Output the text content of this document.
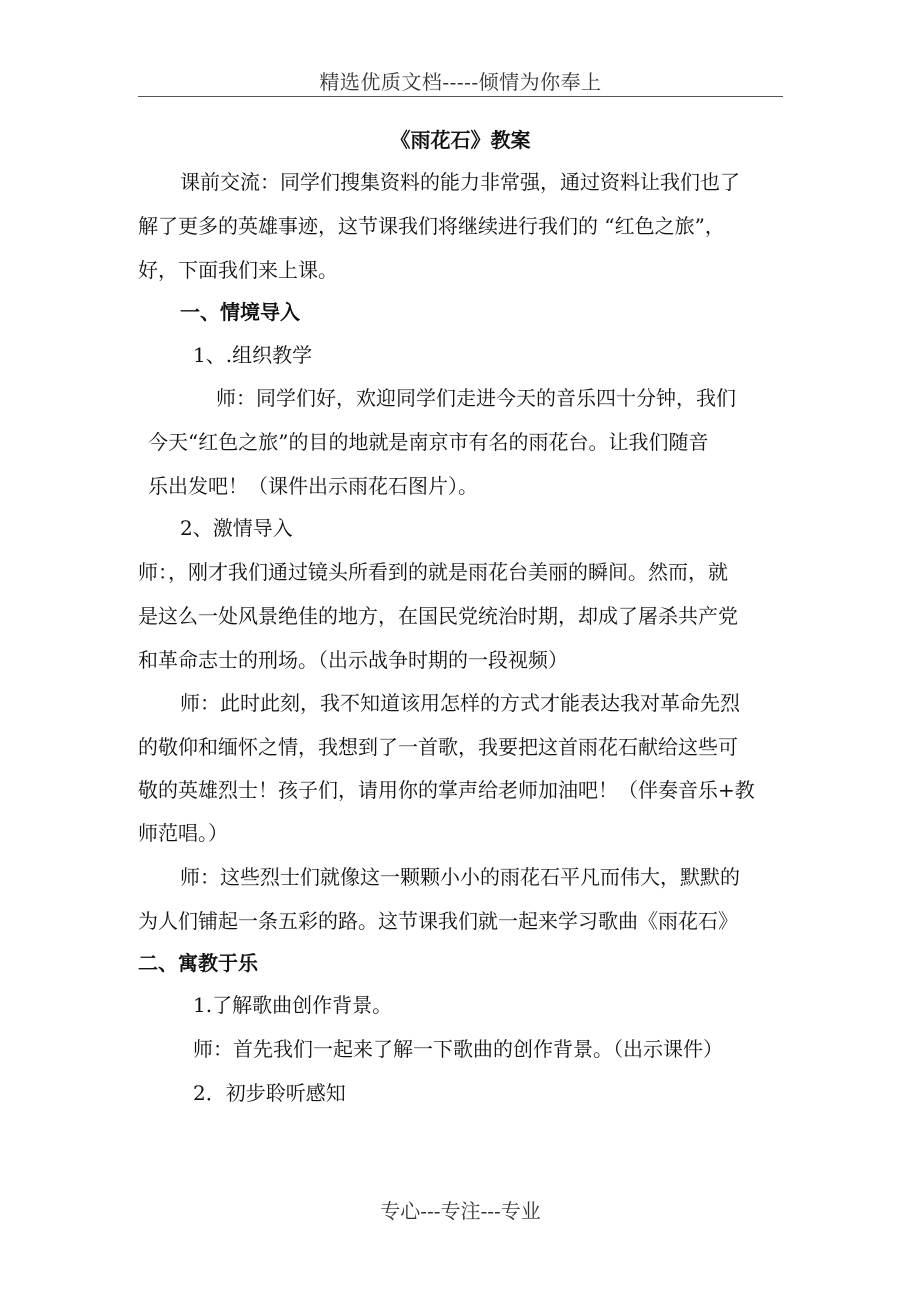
精选优质文档-----倾情为你奉上
《雨花石》教案
课前交流：同学们搜集资料的能力非常强，通过资料让我们也了
解了更多的英雄事迹，这节课我们将继续进行我们的 “红色之旅”，
好，下面我们来上课。
一、情境导入
1、.组织教学
师：同学们好，欢迎同学们走进今天的音乐四十分钟，我们
今天“红色之旅”的目的地就是南京市有名的雨花台。让我们随音
乐出发吧！（课件出示雨花石图片）。
2、激情导入
师：，刚才我们通过镜头所看到的就是雨花台美丽的瞬间。然而，就
是这么一处风景绝佳的地方，在国民党统治时期，却成了屠杀共产党
和革命志士的刑场。（出示战争时期的一段视频）
师：此时此刻，我不知道该用怎样的方式才能表达我对革命先烈
的敬仰和缅怀之情，我想到了一首歌，我要把这首雨花石献给这些可
敬的英雄烈士！孩子们，请用你的掌声给老师加油吧！（伴奏音乐+教
师范唱。）
师：这些烈士们就像这一颗颗小小的雨花石平凡而伟大，默默的
为人们铺起一条五彩的路。这节课我们就一起来学习歌曲《雨花石》
二、寓教于乐
1.了解歌曲创作背景。
师：首先我们一起来了解一下歌曲的创作背景。（出示课件）
2．初步聆听感知
专心---专注---专业
